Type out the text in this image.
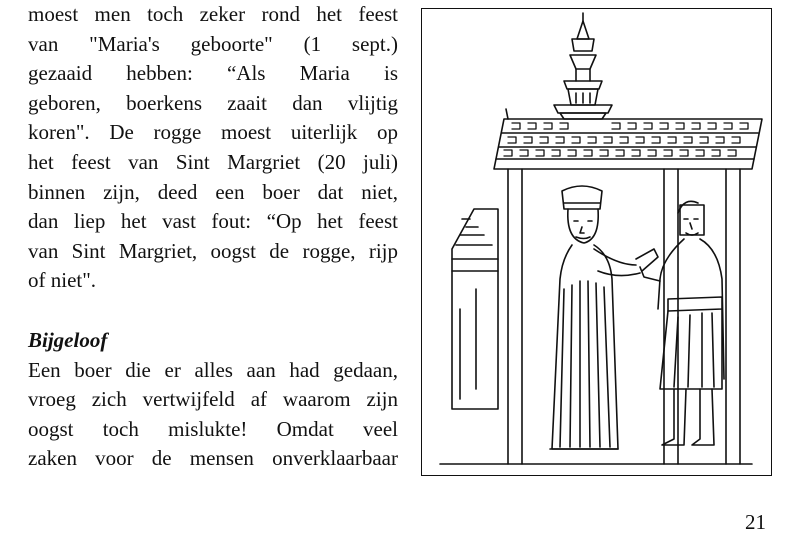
moest men toch zeker rond het feest
van "Maria's geboorte" (1 sept.)
gezaaid hebben: “Als Maria is
geboren, boerkens zaait dan vlijtig
koren". De rogge moest uiterlijk op
het feest van Sint Margriet (20 juli)
binnen zijn, deed een boer dat niet,
dan liep het vast fout: “Op het feest
van Sint Margriet, oogst de rogge, rijp
of niet".
Bijgeloof
Een boer die er alles aan had gedaan,
vroeg zich vertwijfeld af waarom zijn
oogst toch mislukte! Omdat veel
zaken voor de mensen onverklaarbaar
21
